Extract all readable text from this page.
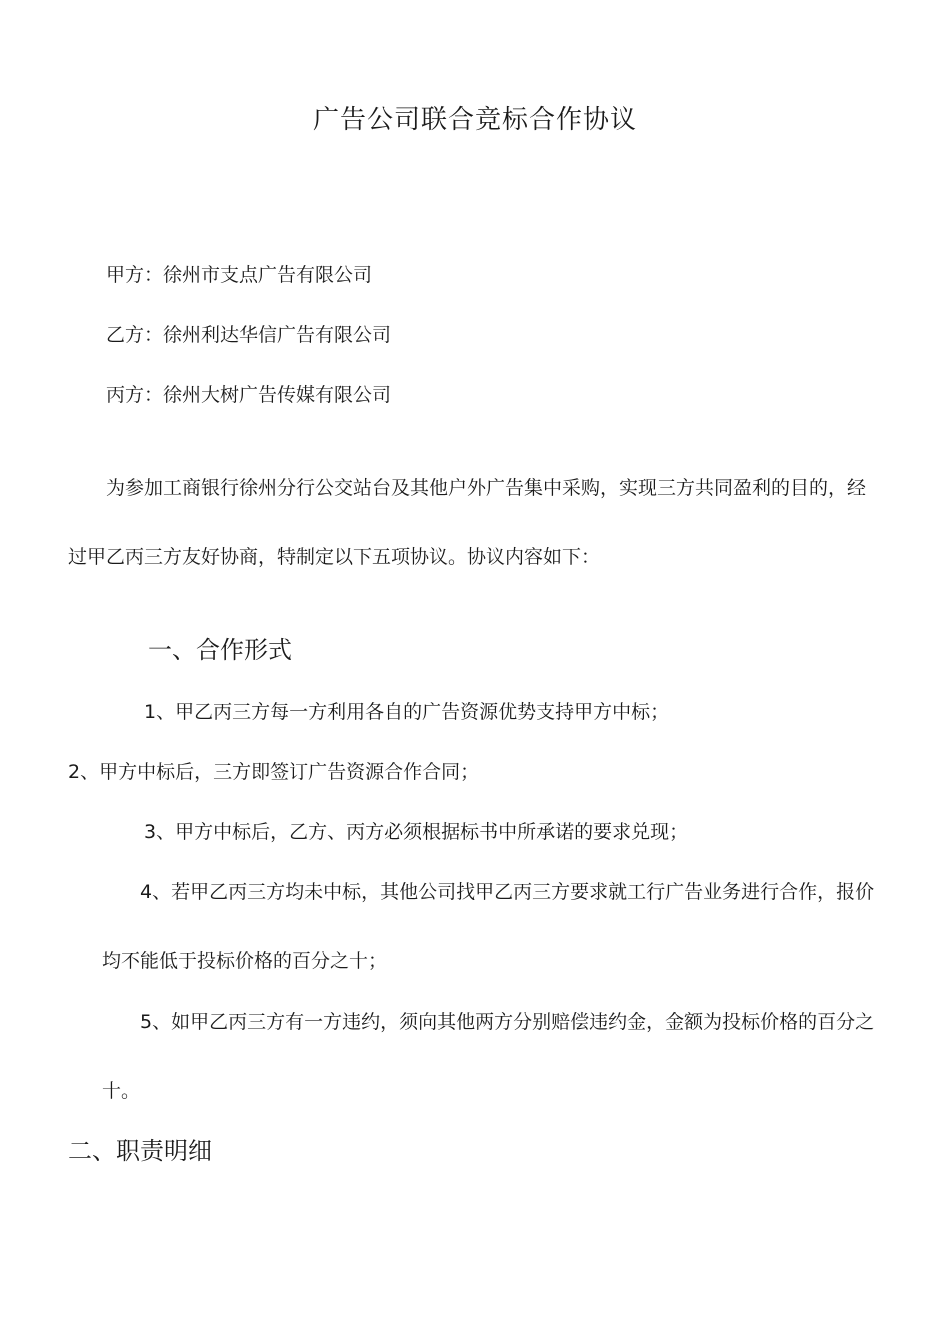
广告公司联合竞标合作协议
甲方：徐州市支点广告有限公司
乙方：徐州利达华信广告有限公司
丙方：徐州大树广告传媒有限公司
为参加工商银行徐州分行公交站台及其他户外广告集中采购，实现三方共同盈利的目的，经
过甲乙丙三方友好协商，特制定以下五项协议。协议内容如下：
一、合作形式
1、甲乙丙三方每一方利用各自的广告资源优势支持甲方中标；
2、甲方中标后，三方即签订广告资源合作合同；
3、甲方中标后，乙方、丙方必须根据标书中所承诺的要求兑现；
4、若甲乙丙三方均未中标，其他公司找甲乙丙三方要求就工行广告业务进行合作，报价
均不能低于投标价格的百分之十；
5、如甲乙丙三方有一方违约，须向其他两方分别赔偿违约金，金额为投标价格的百分之
十。
二、职责明细
